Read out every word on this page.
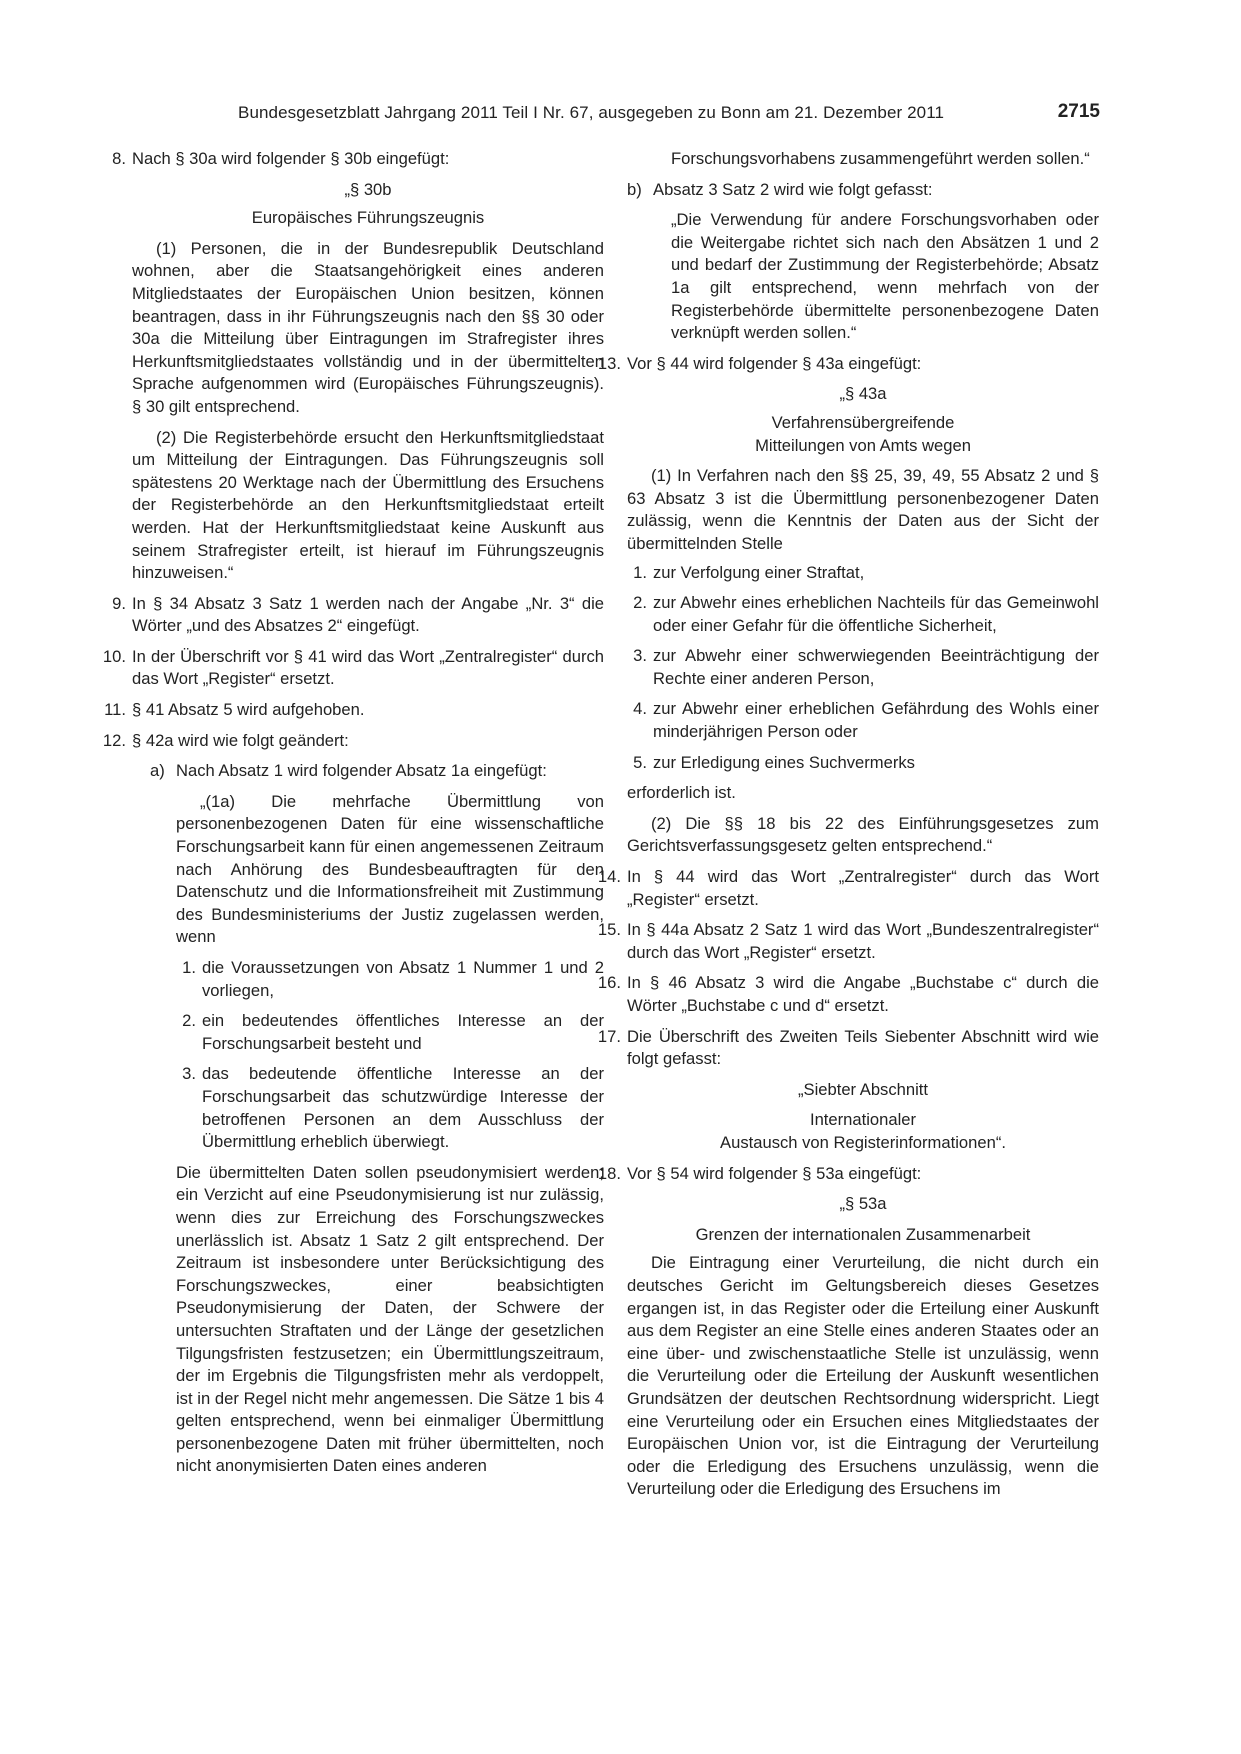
Bundesgesetzblatt Jahrgang 2011 Teil I Nr. 67, ausgegeben zu Bonn am 21. Dezember 2011	2715
8. Nach § 30a wird folgender § 30b eingefügt:

„§ 30b

Europäisches Führungszeugnis

(1) Personen, die in der Bundesrepublik Deutschland wohnen, aber die Staatsangehörigkeit eines anderen Mitgliedstaates der Europäischen Union besitzen, können beantragen, dass in ihr Führungszeugnis nach den §§ 30 oder 30a die Mitteilung über Eintragungen im Strafregister ihres Herkunftsmitgliedstaates vollständig und in der übermittelten Sprache aufgenommen wird (Europäisches Führungszeugnis). § 30 gilt entsprechend.

(2) Die Registerbehörde ersucht den Herkunftsmitgliedstaat um Mitteilung der Eintragungen. Das Führungszeugnis soll spätestens 20 Werktage nach der Übermittlung des Ersuchens der Registerbehörde an den Herkunftsmitgliedstaat erteilt werden. Hat der Herkunftsmitgliedstaat keine Auskunft aus seinem Strafregister erteilt, ist hierauf im Führungszeugnis hinzuweisen.“

9. In § 34 Absatz 3 Satz 1 werden nach der Angabe „Nr. 3“ die Wörter „und des Absatzes 2“ eingefügt.
10. In der Überschrift vor § 41 wird das Wort „Zentralregister“ durch das Wort „Register“ ersetzt.
11. § 41 Absatz 5 wird aufgehoben.
12. § 42a wird wie folgt geändert:
a) Nach Absatz 1 wird folgender Absatz 1a eingefügt:

„(1a) Die mehrfache Übermittlung von personenbezogenen Daten für eine wissenschaftliche Forschungsarbeit kann für einen angemessenen Zeitraum nach Anhörung des Bundesbeauftragten für den Datenschutz und die Informationsfreiheit mit Zustimmung des Bundesministeriums der Justiz zugelassen werden, wenn

1. die Voraussetzungen von Absatz 1 Nummer 1 und 2 vorliegen,
2. ein bedeutendes öffentliches Interesse an der Forschungsarbeit besteht und
3. das bedeutende öffentliche Interesse an der Forschungsarbeit das schutzwürdige Interesse der betroffenen Personen an dem Ausschluss der Übermittlung erheblich überwiegt.

Die übermittelten Daten sollen pseudonymisiert werden; ein Verzicht auf eine Pseudonymisierung ist nur zulässig, wenn dies zur Erreichung des Forschungszweckes unerlässlich ist. Absatz 1 Satz 2 gilt entsprechend. Der Zeitraum ist insbesondere unter Berücksichtigung des Forschungszweckes, einer beabsichtigten Pseudonymisierung der Daten, der Schwere der untersuchten Straftaten und der Länge der gesetzlichen Tilgungsfristen festzusetzen; ein Übermittlungszeitraum, der im Ergebnis die Tilgungsfristen mehr als verdoppelt, ist in der Regel nicht mehr angemessen. Die Sätze 1 bis 4 gelten entsprechend, wenn bei einmaliger Übermittlung personenbezogene Daten mit früher übermittelten, noch nicht anonymisierten Daten eines anderen

Forschungsvorhabens zusammengeführt werden sollen.“

b) Absatz 3 Satz 2 wird wie folgt gefasst:

„Die Verwendung für andere Forschungsvorhaben oder die Weitergabe richtet sich nach den Absätzen 1 und 2 und bedarf der Zustimmung der Registerbehörde; Absatz 1a gilt entsprechend, wenn mehrfach von der Registerbehörde übermittelte personenbezogene Daten verknüpft werden sollen.“

13. Vor § 44 wird folgender § 43a eingefügt:

„§ 43a

Verfahrensübergreifende

Mitteilungen von Amts wegen

(1) In Verfahren nach den §§ 25, 39, 49, 55 Absatz 2 und § 63 Absatz 3 ist die Übermittlung personenbezogener Daten zulässig, wenn die Kenntnis der Daten aus der Sicht der übermittelnden Stelle

1. zur Verfolgung einer Straftat,
2. zur Abwehr eines erheblichen Nachteils für das Gemeinwohl oder einer Gefahr für die öffentliche Sicherheit,
3. zur Abwehr einer schwerwiegenden Beeinträchtigung der Rechte einer anderen Person,
4. zur Abwehr einer erheblichen Gefährdung des Wohls einer minderjährigen Person oder
5. zur Erledigung eines Suchvermerks

erforderlich ist.

(2) Die §§ 18 bis 22 des Einführungsgesetzes zum Gerichtsverfassungsgesetz gelten entsprechend.“

14. In § 44 wird das Wort „Zentralregister“ durch das Wort „Register“ ersetzt.
15. In § 44a Absatz 2 Satz 1 wird das Wort „Bundeszentralregister“ durch das Wort „Register“ ersetzt.
16. In § 46 Absatz 3 wird die Angabe „Buchstabe c“ durch die Wörter „Buchstabe c und d“ ersetzt.
17. Die Überschrift des Zweiten Teils Siebenter Abschnitt wird wie folgt gefasst:

„Siebter Abschnitt

Internationaler

Austausch von Registerinformationen“.

18. Vor § 54 wird folgender § 53a eingefügt:

„§ 53a

Grenzen der internationalen Zusammenarbeit

Die Eintragung einer Verurteilung, die nicht durch ein deutsches Gericht im Geltungsbereich dieses Gesetzes ergangen ist, in das Register oder die Erteilung einer Auskunft aus dem Register an eine Stelle eines anderen Staates oder an eine über- und zwischenstaatliche Stelle ist unzulässig, wenn die Verurteilung oder die Erteilung der Auskunft wesentlichen Grundsätzen der deutschen Rechtsordnung widerspricht. Liegt eine Verurteilung oder ein Ersuchen eines Mitgliedstaates der Europäischen Union vor, ist die Eintragung der Verurteilung oder die Erledigung des Ersuchens unzulässig, wenn die Verurteilung oder die Erledigung des Ersuchens im
